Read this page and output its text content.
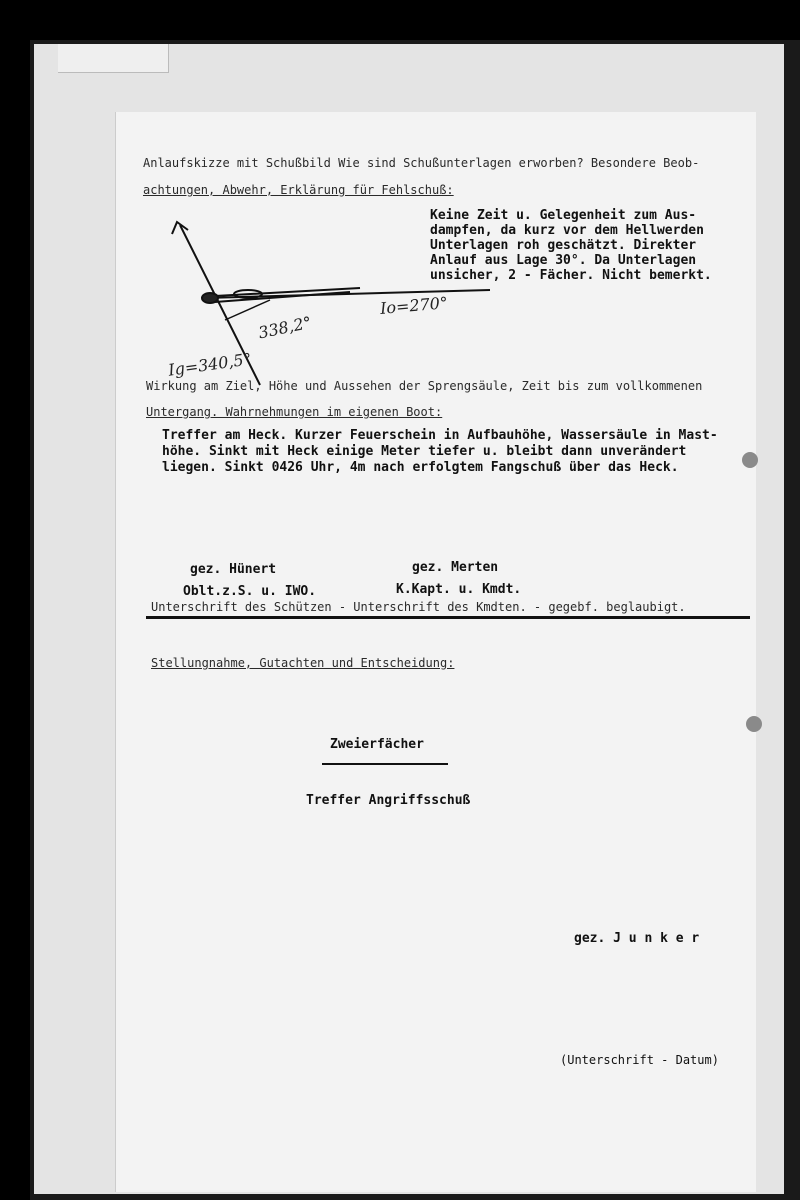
Anlaufskizze mit Schußbild Wie sind Schußunterlagen erworben? Besondere Beob-
achtungen, Abwehr, Erklärung für Fehlschuß:
338,2°
Ig=340,5°
Io=270°
Keine Zeit u. Gelegenheit zum Aus-
dampfen, da kurz vor dem Hellwerden
Unterlagen roh geschätzt. Direkter
Anlauf aus Lage 30°. Da Unterlagen
unsicher, 2 - Fächer. Nicht bemerkt.
Wirkung am Ziel, Höhe und Aussehen der Sprengsäule, Zeit bis zum vollkommenen
Untergang. Wahrnehmungen im eigenen Boot:
Treffer am Heck. Kurzer Feuerschein in Aufbauhöhe, Wassersäule in Mast-
höhe. Sinkt mit Heck einige Meter tiefer u. bleibt dann unverändert
liegen. Sinkt 0426 Uhr, 4m nach erfolgtem Fangschuß über das Heck.
gez. Hünert	gez. Merten
Oblt.z.S. u. IWO.	K.Kapt. u. Kmdt.
Unterschrift des Schützen - Unterschrift des Kmdten. - gegebf. beglaubigt.
Stellungnahme, Gutachten und Entscheidung:
Zweierfächer
Treffer Angriffsschuß
gez. J u n k e r
(Unterschrift - Datum)
